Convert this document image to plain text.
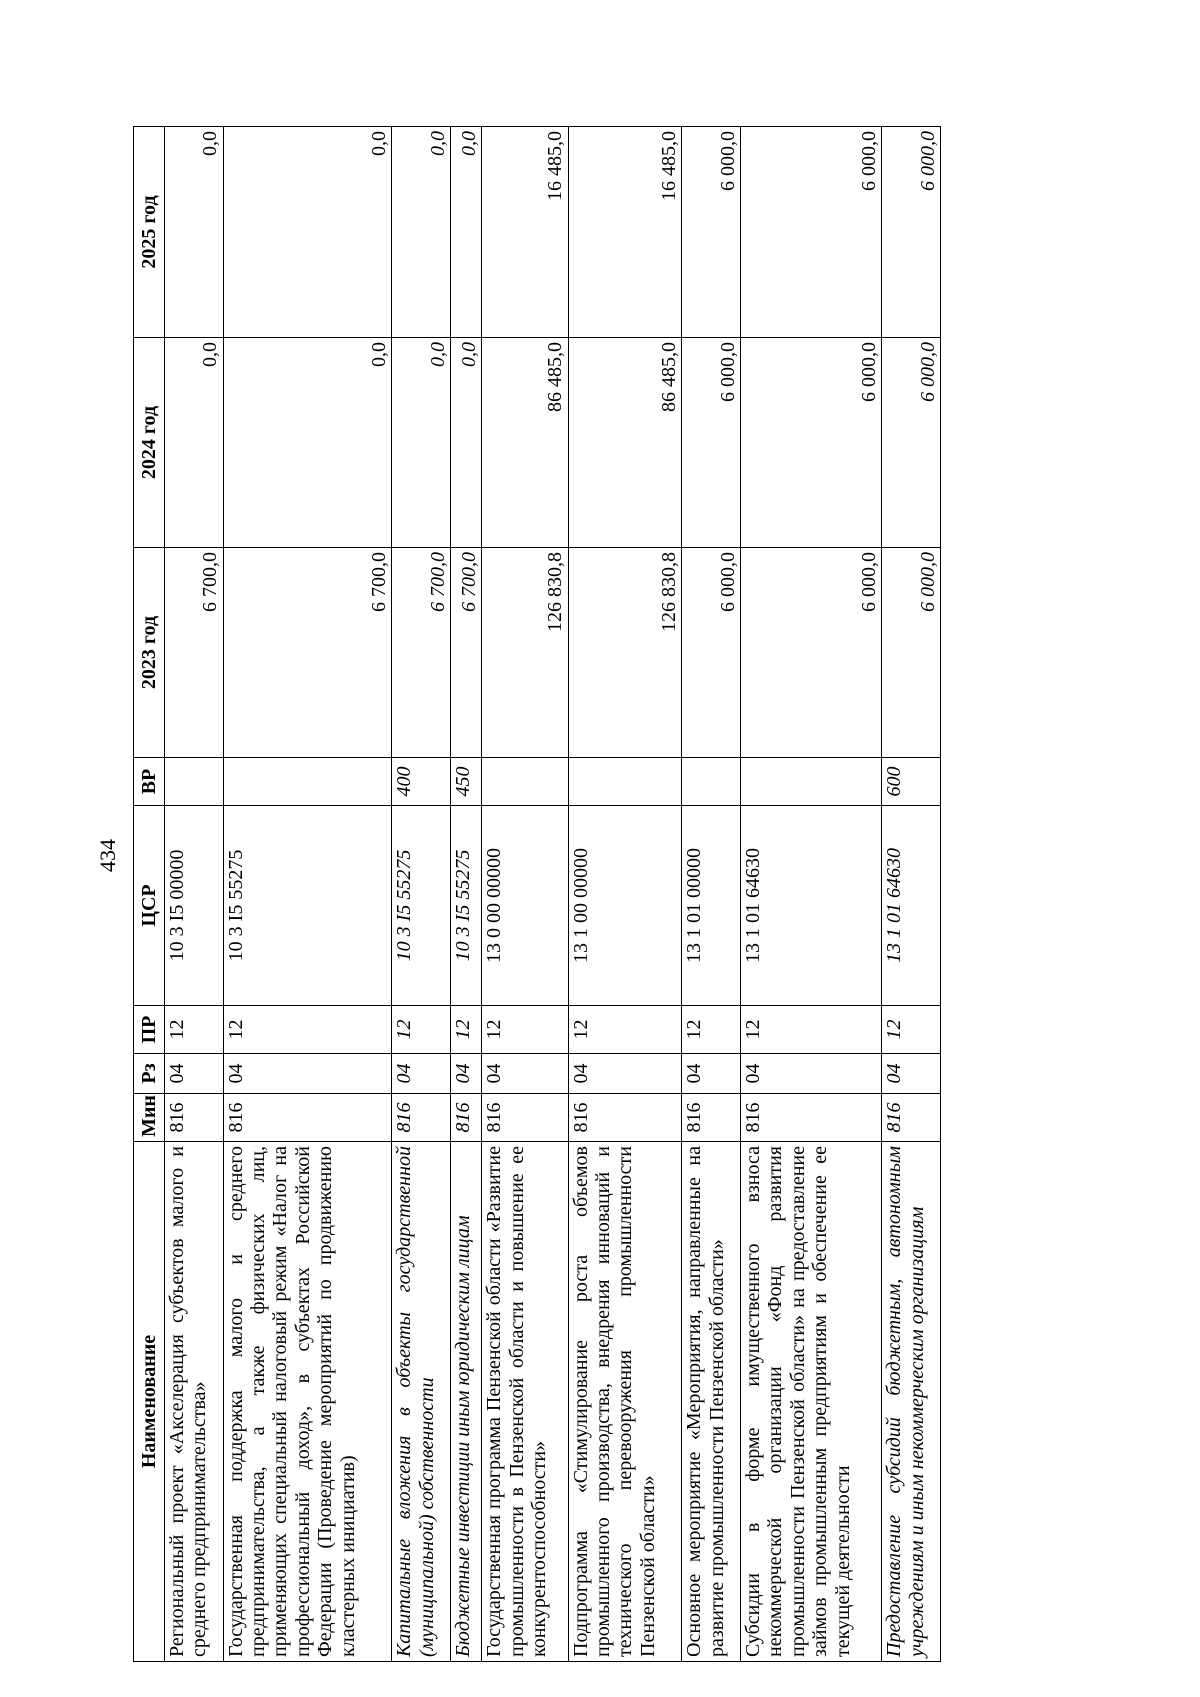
434
Наименование	Мин	Рз	ПР	ЦСР	ВР	2023 год	2024 год	2025 год
Региональный проект «Акселерация субъектов малого и среднего предпринимательства»	816	04	12	10 3 I5 00000		6 700,0	0,0	0,0
Государственная поддержка малого и среднего предпринимательства, а также физических лиц, применяющих специальный налоговый режим «Налог на профессиональный доход», в субъектах Российской Федерации (Проведение мероприятий по продвижению кластерных инициатив)	816	04	12	10 3 I5 55275		6 700,0	0,0	0,0
Капитальные вложения в объекты государственной (муниципальной) собственности	816	04	12	10 3 I5 55275	400	6 700,0	0,0	0,0
Бюджетные инвестиции иным юридическим лицам	816	04	12	10 3 I5 55275	450	6 700,0	0,0	0,0
Государственная программа Пензенской области «Развитие промышленности в Пензенской области и повышение ее конкурентоспособности»	816	04	12	13 0 00 00000		126 830,8	86 485,0	16 485,0
Подпрограмма «Стимулирование роста объемов промышленного производства, внедрения инноваций и технического перевооружения промышленности Пензенской области»	816	04	12	13 1 00 00000		126 830,8	86 485,0	16 485,0
Основное мероприятие «Мероприятия, направленные на развитие промышленности Пензенской области»	816	04	12	13 1 01 00000		6 000,0	6 000,0	6 000,0
Субсидии в форме имущественного взноса некоммерческой организации «Фонд развития промышленности Пензенской области» на предоставление займов промышленным предприятиям и обеспечение ее текущей деятельности	816	04	12	13 1 01 64630		6 000,0	6 000,0	6 000,0
Предоставление субсидий бюджетным, автономным учреждениям и иным некоммерческим организациям	816	04	12	13 1 01 64630	600	6 000,0	6 000,0	6 000,0
